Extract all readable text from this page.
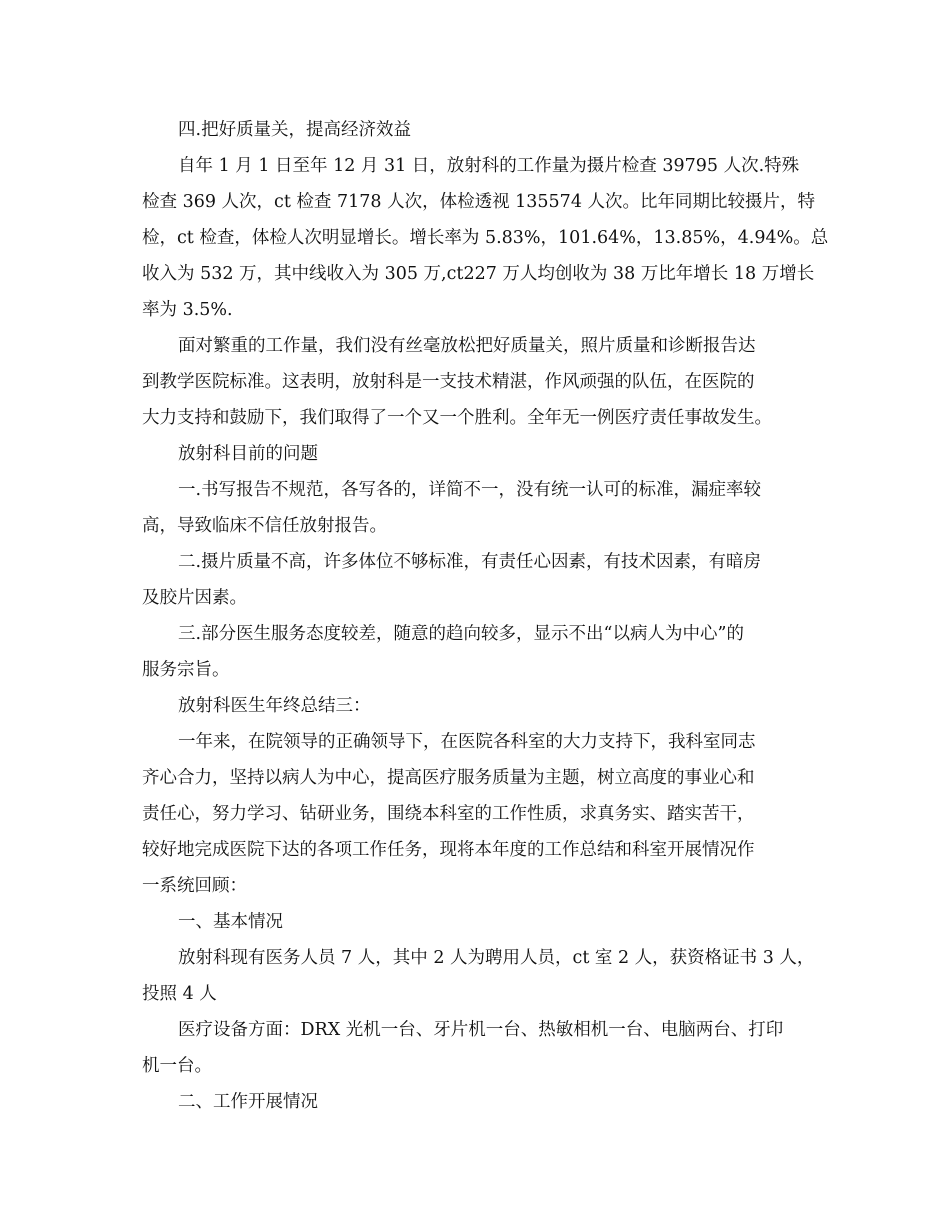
四.把好质量关，提高经济效益
自年 1 月 1 日至年 12 月 31 日，放射科的工作量为摄片检查 39795 人次.特殊
检查 369 人次，ct 检查 7178 人次，体检透视 135574 人次。比年同期比较摄片，特
检，ct 检查，体检人次明显增长。增长率为 5.83%，101.64%，13.85%，4.94%。总
收入为 532 万，其中线收入为 305 万,ct227 万人均创收为 38 万比年增长 18 万增长
率为 3.5%.
面对繁重的工作量，我们没有丝毫放松把好质量关，照片质量和诊断报告达
到教学医院标准。这表明，放射科是一支技术精湛，作风顽强的队伍，在医院的
大力支持和鼓励下，我们取得了一个又一个胜利。全年无一例医疗责任事故发生。
放射科目前的问题
一.书写报告不规范，各写各的，详简不一，没有统一认可的标准，漏症率较
高，导致临床不信任放射报告。
二.摄片质量不高，许多体位不够标准，有责任心因素，有技术因素，有暗房
及胶片因素。
三.部分医生服务态度较差，随意的趋向较多，显示不出“以病人为中心”的
服务宗旨。
放射科医生年终总结三：
一年来，在院领导的正确领导下，在医院各科室的大力支持下，我科室同志
齐心合力，坚持以病人为中心，提高医疗服务质量为主题，树立高度的事业心和
责任心，努力学习、钻研业务，围绕本科室的工作性质，求真务实、踏实苦干，
较好地完成医院下达的各项工作任务，现将本年度的工作总结和科室开展情况作
一系统回顾：
一、基本情况
放射科现有医务人员 7 人，其中 2 人为聘用人员，ct 室 2 人，获资格证书 3 人，
投照 4 人
医疗设备方面：DRX 光机一台、牙片机一台、热敏相机一台、电脑两台、打印
机一台。
二、工作开展情况
